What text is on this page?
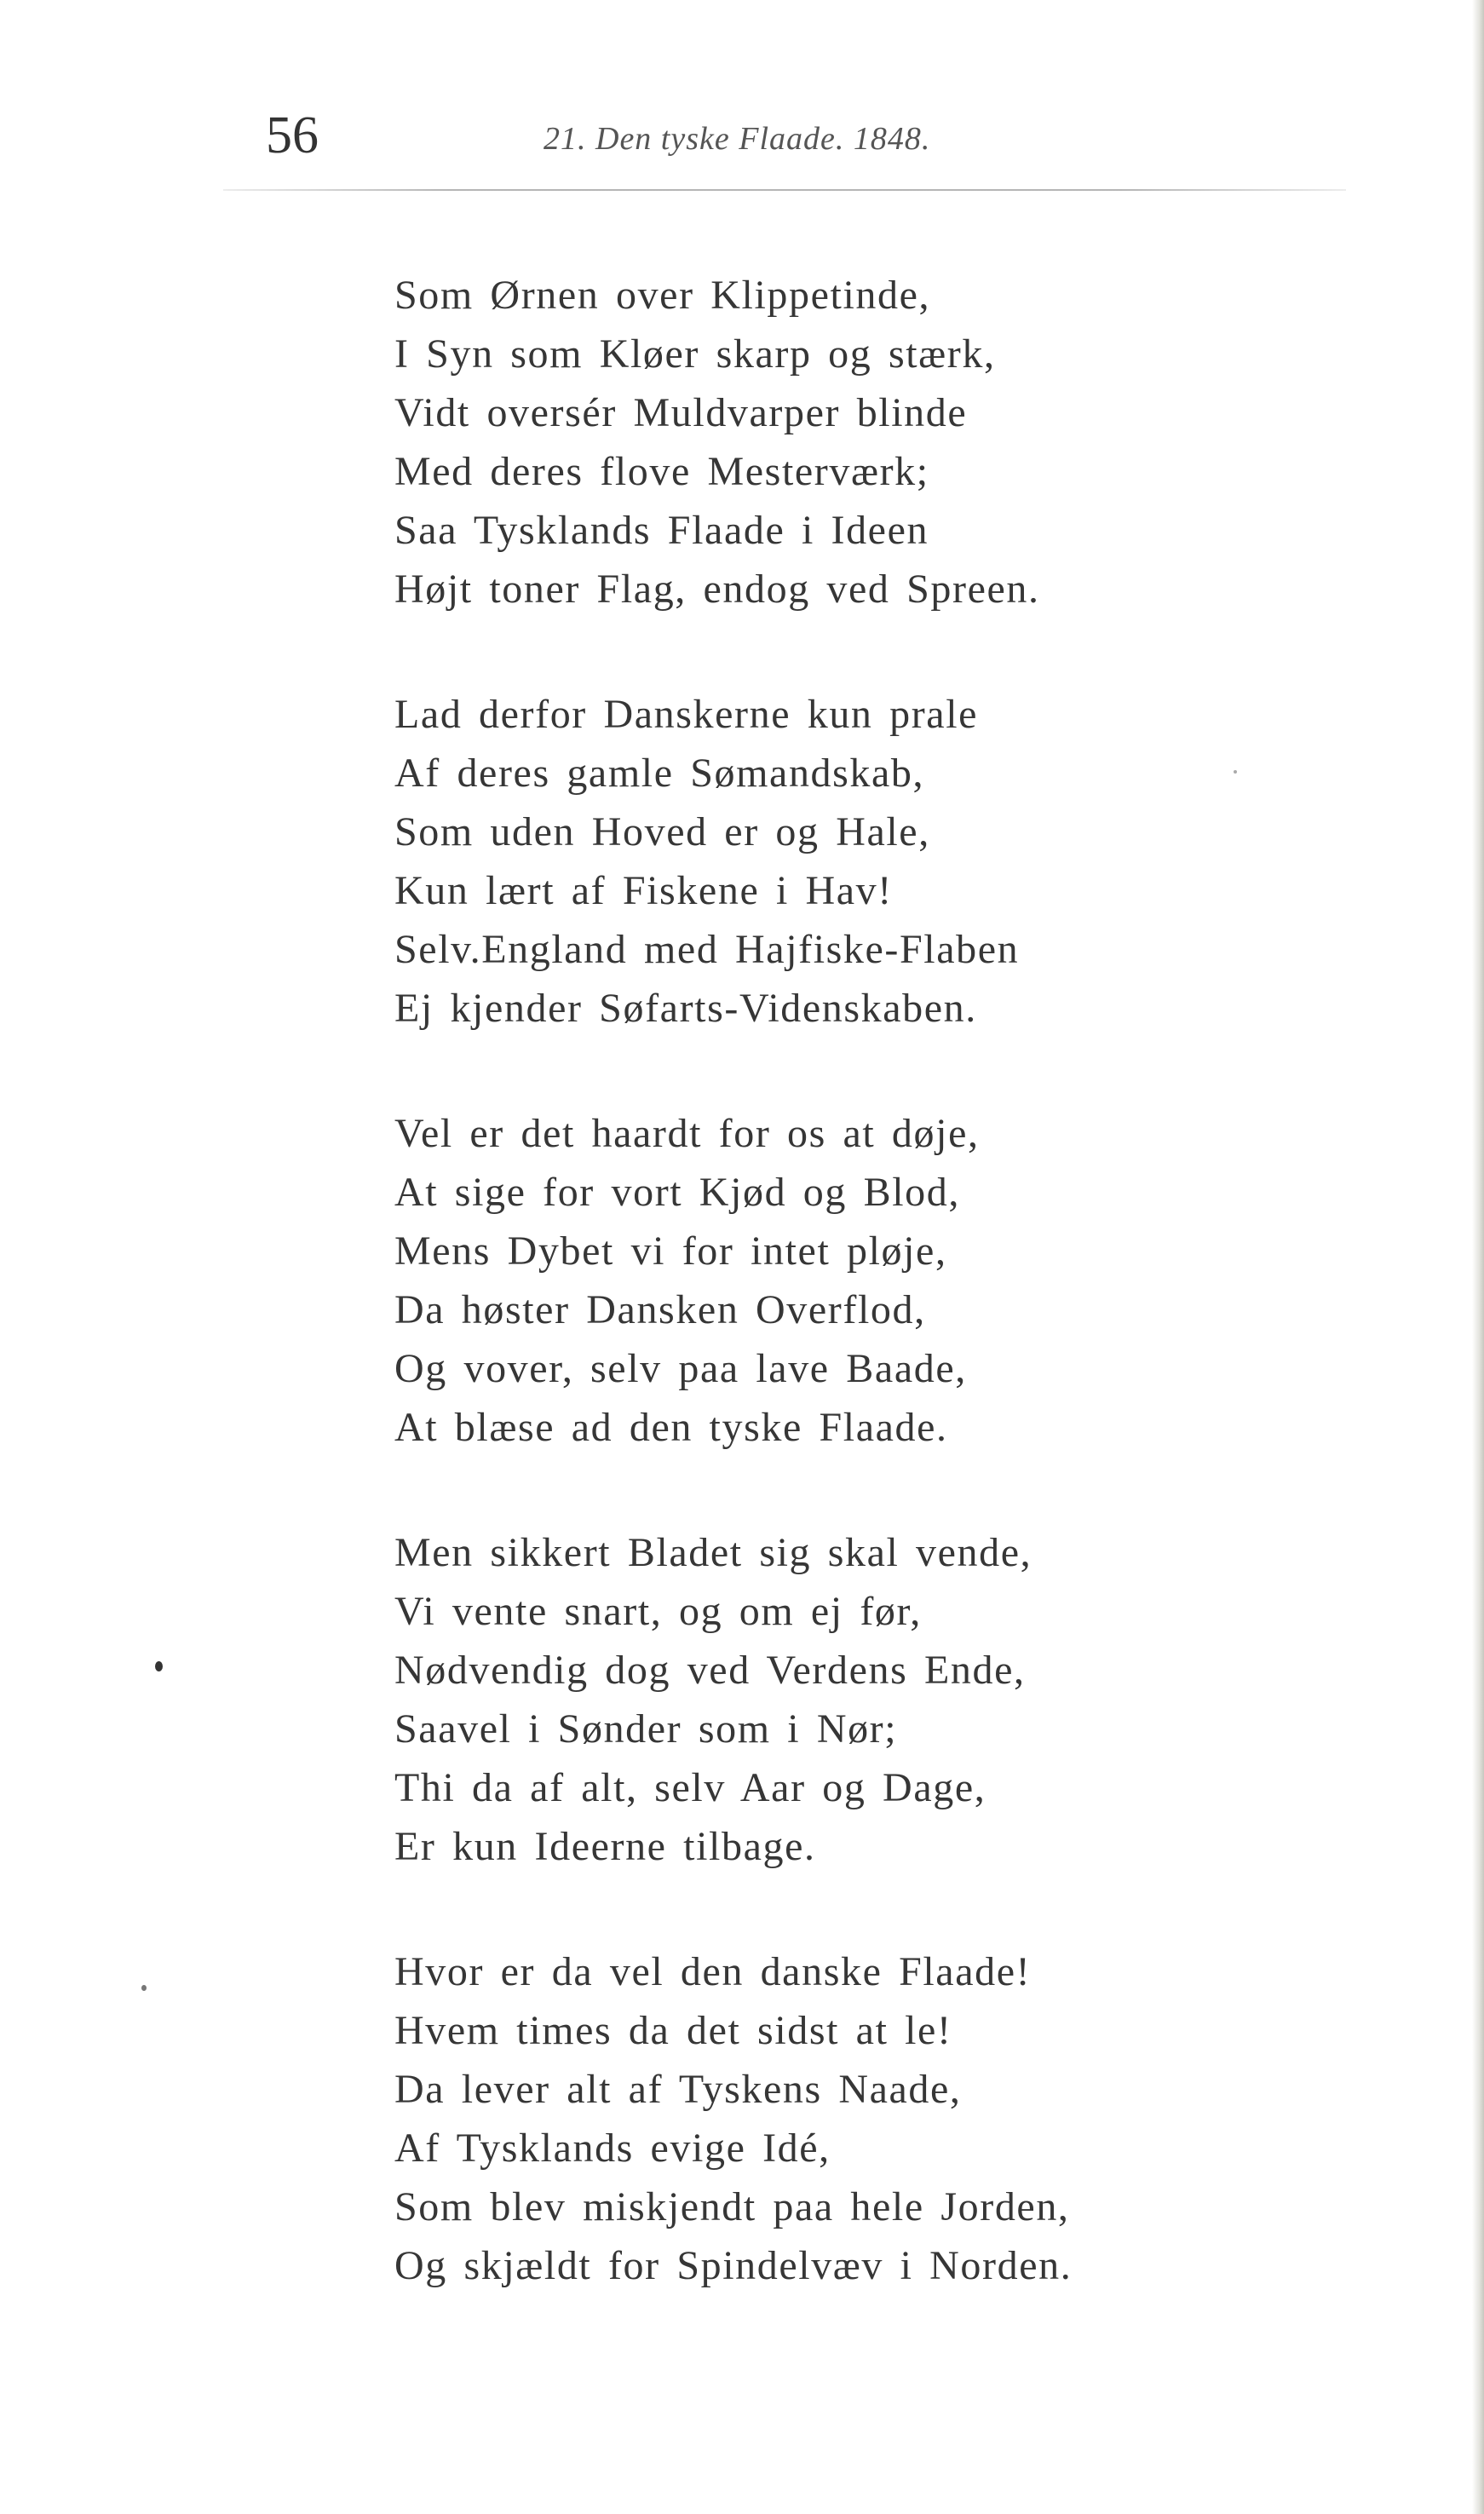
56	21. Den tyske Flaade. 1848.
Som Ørnen over Klippetinde,
I Syn som Kløer skarp og stærk,
Vidt oversér Muldvarper blinde
Med deres flove Mesterværk;
Saa Tysklands Flaade i Ideen
Højt toner Flag, endog ved Spreen.
Lad derfor Danskerne kun prale
Af deres gamle Sømandskab,
Som uden Hoved er og Hale,
Kun lært af Fiskene i Hav!
Selv.England med Hajfiske-Flaben
Ej kjender Søfarts-Videnskaben.
Vel er det haardt for os at døje,
At sige for vort Kjød og Blod,
Mens Dybet vi for intet pløje,
Da høster Dansken Overflod,
Og vover, selv paa lave Baade,
At blæse ad den tyske Flaade.
Men sikkert Bladet sig skal vende,
Vi vente snart, og om ej før,
Nødvendig dog ved Verdens Ende,
Saavel i Sønder som i Nør;
Thi da af alt, selv Aar og Dage,
Er kun Ideerne tilbage.
Hvor er da vel den danske Flaade!
Hvem times da det sidst at le!
Da lever alt af Tyskens Naade,
Af Tysklands evige Idé,
Som blev miskjendt paa hele Jorden,
Og skjældt for Spindelvæv i Norden.
